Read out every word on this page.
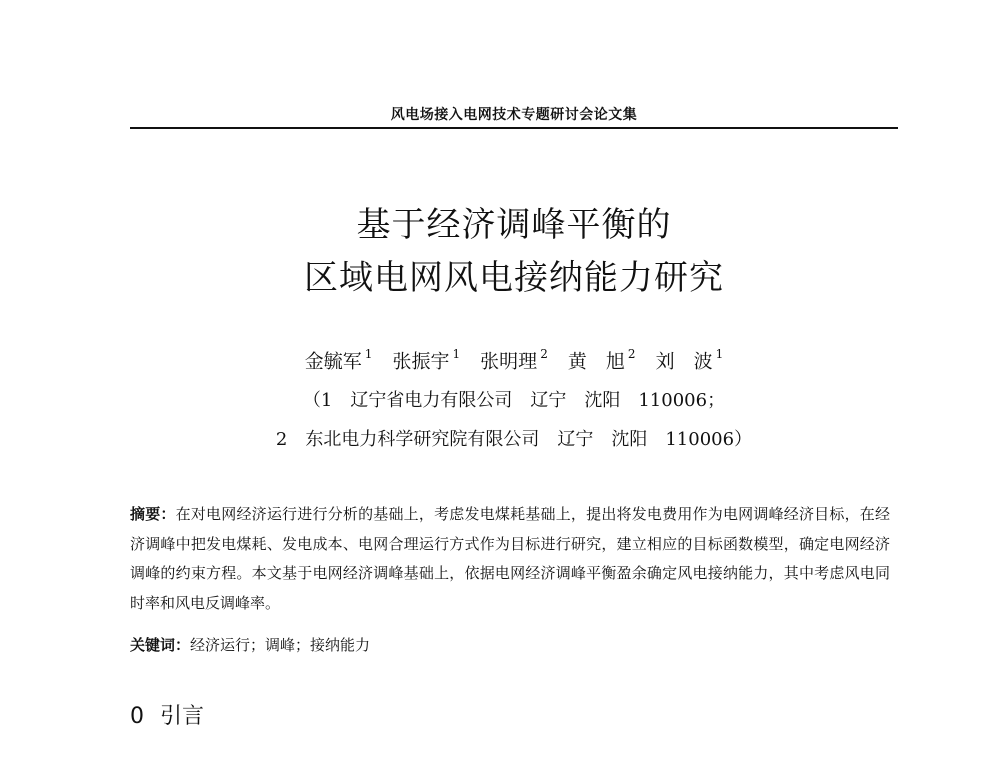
风电场接入电网技术专题研讨会论文集
基于经济调峰平衡的
区域电网风电接纳能力研究
金毓军 $^1$ 张振宇 $^1$ 张明理 $^2$ 黄　旭 $^2$ 刘　波 $^1$
（1　辽宁省电力有限公司　辽宁　沈阳　110006；
2　东北电力科学研究院有限公司　辽宁　沈阳　110006）
摘要：在对电网经济运行进行分析的基础上，考虑发电煤耗基础上，提出将发电费用作为电网调峰经济目标，在经济调峰中把发电煤耗、发电成本、电网合理运行方式作为目标进行研究，建立相应的目标函数模型，确定电网经济调峰的约束方程。本文基于电网经济调峰基础上，依据电网经济调峰平衡盈余确定风电接纳能力，其中考虑风电同时率和风电反调峰率。
关键词：经济运行；调峰；接纳能力
0 引言
